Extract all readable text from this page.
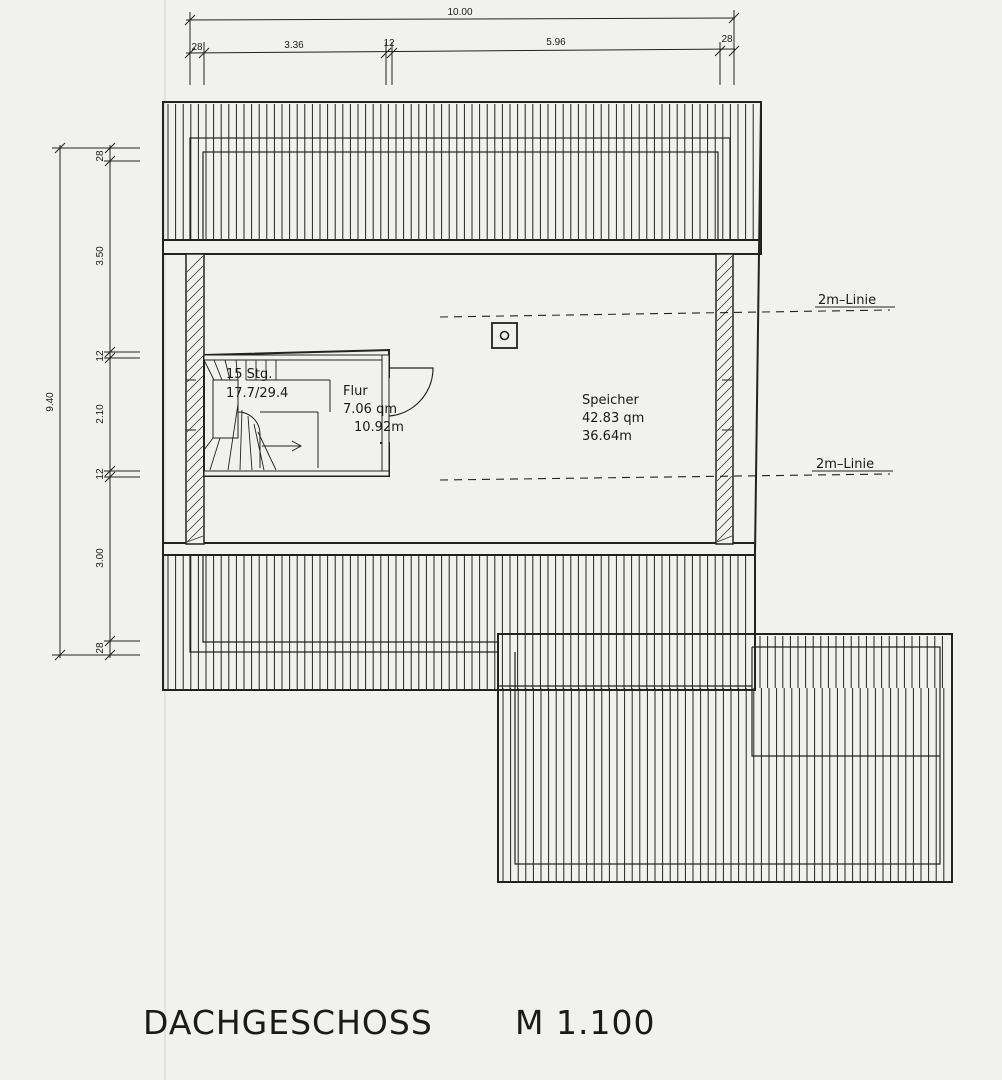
10.00
28	3.36	12	5.96	28
9.40
28
3.50
12
2.10
12
3.00
28
15 Stg.
17.7/29.4	Flur
7.06 qm
10.92m
Speicher
42.83 qm
36.64m
2m–Linie
2m–Linie
DACHGESCHOSS M 1.100
